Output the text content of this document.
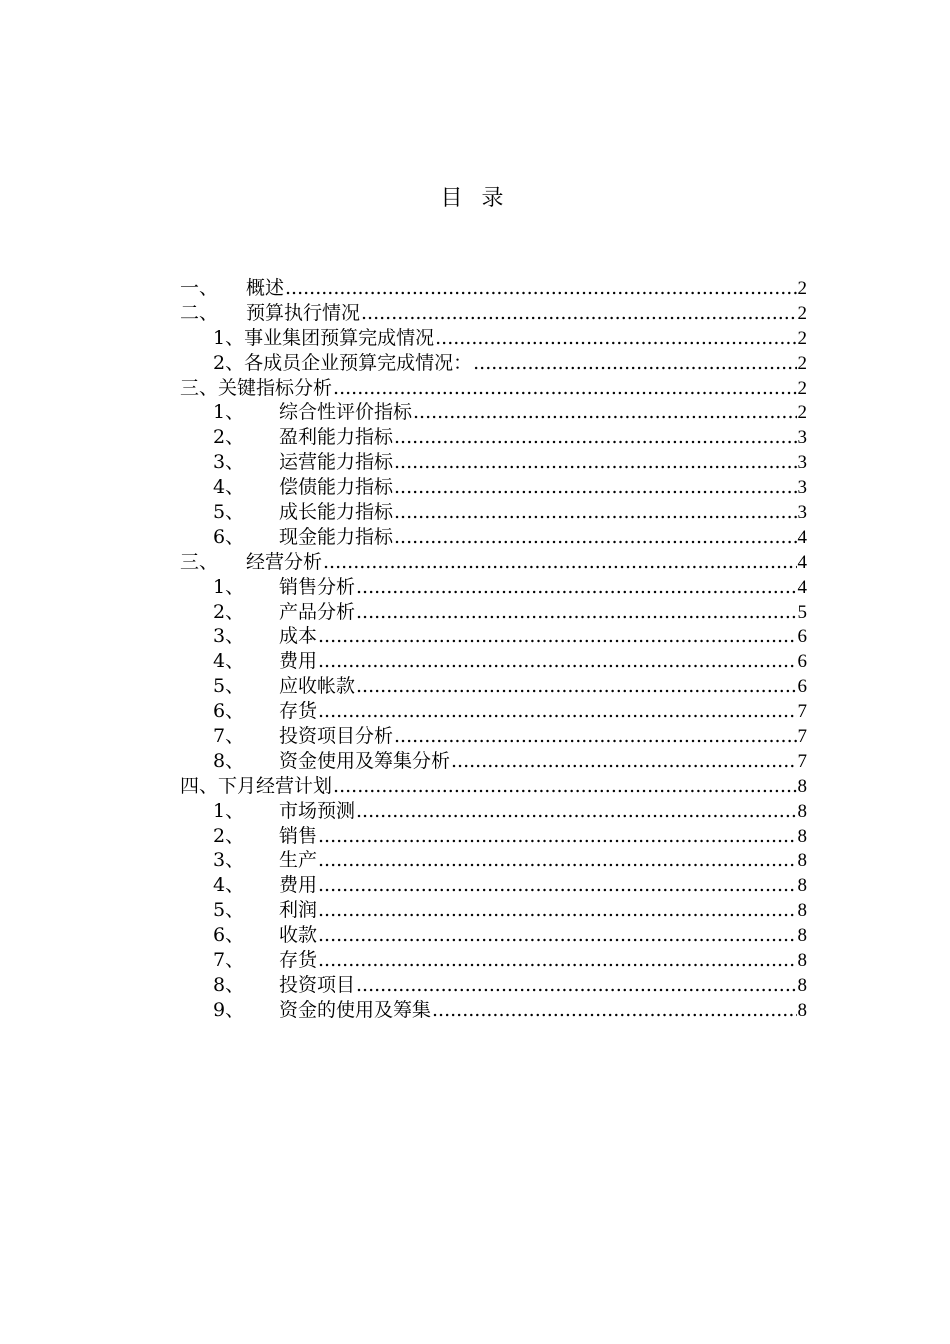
目 录
一、	概述 .....	2
二、	预算执行情况 .....	2
1、 事业集团预算完成情况 .....	2
2、 各成员企业预算完成情况： .....	2
三、 关键指标分析 .....	2
1、	综合性评价指标 .....	2
2、	盈利能力指标 .....	3
3、	运营能力指标 .....	3
4、	偿债能力指标 .....	3
5、	成长能力指标 .....	3
6、	现金能力指标 .....	4
三、	经营分析 .....	4
1、	销售分析 .....	4
2、	产品分析 .....	5
3、	成本 .....	6
4、	费用 .....	6
5、	应收帐款 .....	6
6、	存货 .....	7
7、	投资项目分析 .....	7
8、	资金使用及筹集分析 .....	7
四、 下月经营计划 .....	8
1、	市场预测 .....	8
2、	销售 .....	8
3、	生产 .....	8
4、	费用 .....	8
5、	利润 .....	8
6、	收款 .....	8
7、	存货 .....	8
8、	投资项目 .....	8
9、	资金的使用及筹集 .....	8
